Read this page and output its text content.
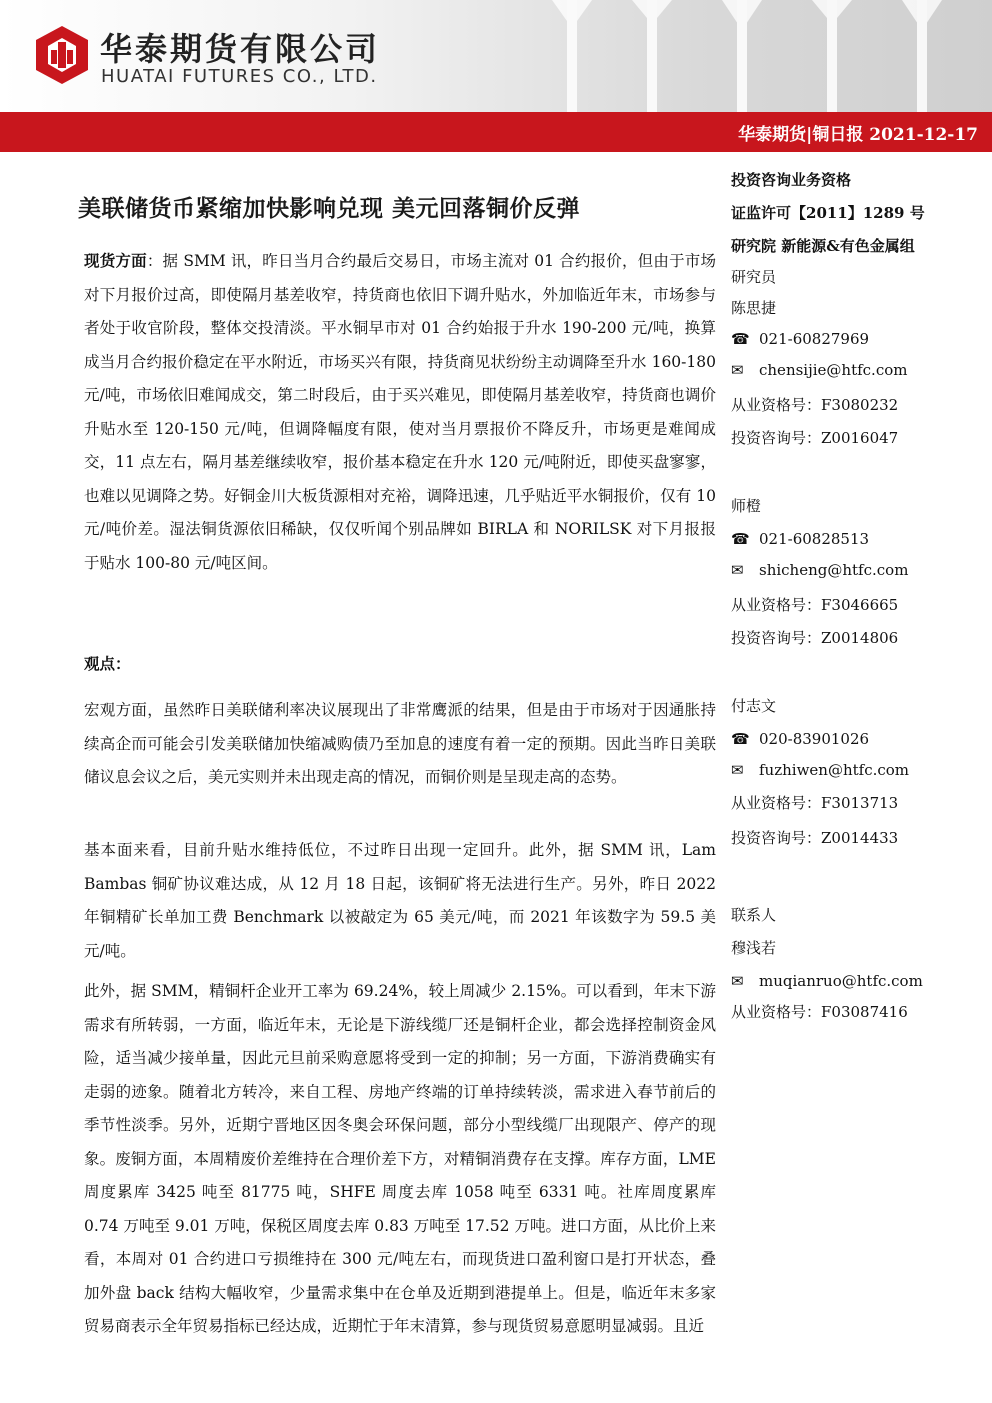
华泰期货有限公司
HUATAI FUTURES CO., LTD.
华泰期货|铜日报 2021-12-17
美联储货币紧缩加快影响兑现 美元回落铜价反弹

现货方面：据 SMM 讯，昨日当月合约最后交易日，市场主流对 01 合约报价，但由于市场对下月报价过高，即使隔月基差收窄，持货商也依旧下调升贴水，外加临近年末，市场参与者处于收官阶段，整体交投清淡。平水铜早市对 01 合约始报于升水 190-200 元/吨，换算成当月合约报价稳定在平水附近，市场买兴有限，持货商见状纷纷主动调降至升水 160-180 元/吨，市场依旧难闻成交，第二时段后，由于买兴难见，即使隔月基差收窄，持货商也调价升贴水至 120-150 元/吨，但调降幅度有限，使对当月票报价不降反升，市场更是难闻成交，11 点左右，隔月基差继续收窄，报价基本稳定在升水 120 元/吨附近，即使买盘寥寥，也难以见调降之势。好铜金川大板货源相对充裕，调降迅速，几乎贴近平水铜报价，仅有 10 元/吨价差。湿法铜货源依旧稀缺，仅仅听闻个别品牌如 BIRLA 和 NORILSK 对下月报报于贴水 100-80 元/吨区间。

观点：

宏观方面，虽然昨日美联储利率决议展现出了非常鹰派的结果，但是由于市场对于因通胀持续高企而可能会引发美联储加快缩减购债乃至加息的速度有着一定的预期。因此当昨日美联储议息会议之后，美元实则并未出现走高的情况，而铜价则是呈现走高的态势。

基本面来看，目前升贴水维持低位，不过昨日出现一定回升。此外，据 SMM 讯，Lam Bambas 铜矿协议难达成，从 12 月 18 日起，该铜矿将无法进行生产。另外，昨日 2022 年铜精矿长单加工费 Benchmark 以被敲定为 65 美元/吨，而 2021 年该数字为 59.5 美元/吨。

此外，据 SMM，精铜杆企业开工率为 69.24%，较上周减少 2.15%。可以看到，年末下游需求有所转弱，一方面，临近年末，无论是下游线缆厂还是铜杆企业，都会选择控制资金风险，适当减少接单量，因此元旦前采购意愿将受到一定的抑制；另一方面，下游消费确实有走弱的迹象。随着北方转冷，来自工程、房地产终端的订单持续转淡，需求进入春节前后的季节性淡季。另外，近期宁晋地区因冬奥会环保问题，部分小型线缆厂出现限产、停产的现象。废铜方面，本周精废价差维持在合理价差下方，对精铜消费存在支撑。库存方面，LME 周度累库 3425 吨至 81775 吨，SHFE 周度去库 1058 吨至 6331 吨。社库周度累库 0.74 万吨至 9.01 万吨，保税区周度去库 0.83 万吨至 17.52 万吨。进口方面，从比价上来看，本周对 01 合约进口亏损维持在 300 元/吨左右，而现货进口盈利窗口是打开状态，叠加外盘 back 结构大幅收窄，少量需求集中在仓单及近期到港提单上。但是，临近年末多家贸易商表示全年贸易指标已经达成，近期忙于年末清算，参与现货贸易意愿明显减弱。且近

投资咨询业务资格
证监许可【2011】1289 号
研究院 新能源&有色金属组
研究员
陈思捷
☎ 021-60827969
✉ chensijie@htfc.com
从业资格号：F3080232
投资咨询号：Z0016047
师橙
☎ 021-60828513
✉ shicheng@htfc.com
从业资格号：F3046665
投资咨询号：Z0014806
付志文
☎ 020-83901026
✉ fuzhiwen@htfc.com
从业资格号：F3013713
投资咨询号：Z0014433
联系人
穆浅若
✉ muqianruo@htfc.com
从业资格号：F03087416
